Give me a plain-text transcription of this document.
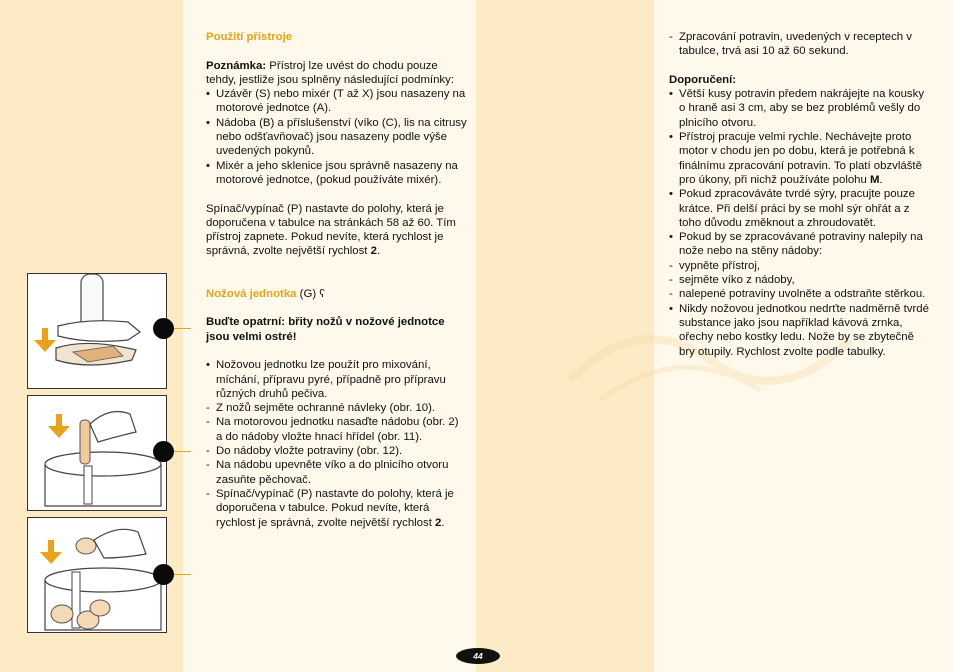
Použití přístroje
Poznámka: Přístroj lze uvést do chodu pouze tehdy, jestliže jsou splněny následující podmínky:
• Uzávěr (S) nebo mixér (T až X) jsou nasazeny na motorové jednotce (A).
• Nádoba (B) a příslušenství (víko (C), lis na citrusy nebo odšťavňovač) jsou nasazeny podle výše uvedených pokynů.
• Mixér a jeho sklenice jsou správně nasazeny na motorové jednotce, (pokud používáte mixér).
Spínač/vypínač (P) nastavte do polohy, která je doporučena v tabulce na stránkách 58 až 60. Tím přístroj zapnete. Pokud nevíte, která rychlost je správná, zvolte největší rychlost 2.
Nožová jednotka (G) ʕ
Buďte opatrní: břity nožů v nožové jednotce jsou velmi ostré!
• Nožovou jednotku lze použít pro mixování, míchání, přípravu pyré, případně pro přípravu různých druhů pečiva.
- Z nožů sejměte ochranné návleky (obr. 10).
- Na motorovou jednotku nasaďte nádobu (obr. 2) a do nádoby vložte hnací hřídel (obr. 11).
- Do nádoby vložte potraviny (obr. 12).
- Na nádobu upevněte víko a do plnicího otvoru zasuňte pěchovač.
- Spínač/vypínač (P) nastavte do polohy, která je doporučena v tabulce. Pokud nevíte, která rychlost je správná, zvolte největší rychlost 2.
- Zpracování potravin, uvedených v receptech v tabulce, trvá asi 10 až 60 sekund.
Doporučení:
• Větší kusy potravin předem nakrájejte na kousky o hraně asi 3 cm, aby se bez problémů vešly do plnicího otvoru.
• Přístroj pracuje velmi rychle. Nechávejte proto motor v chodu jen po dobu, která je potřebná k finálnímu zpracování potravin. To platí obzvláště pro úkony, při nichž používáte polohu M.
• Pokud zpracováváte tvrdé sýry, pracujte pouze krátce. Při delší práci by se mohl sýr ohřát a z toho důvodu změknout a zhroudovatět.
• Pokud by se zpracovávané potraviny nalepily na nože nebo na stěny nádoby:
- vypněte přístroj,
- sejměte víko z nádoby,
- nalepené potraviny uvolněte a odstraňte stěrkou.
• Nikdy nožovou jednotkou nedrťte nadměrně tvrdé substance jako jsou například kávová zrnka, ořechy nebo kostky ledu. Nože by se zbytečně bry otupily. Rychlost zvolte podle tabulky.
44
